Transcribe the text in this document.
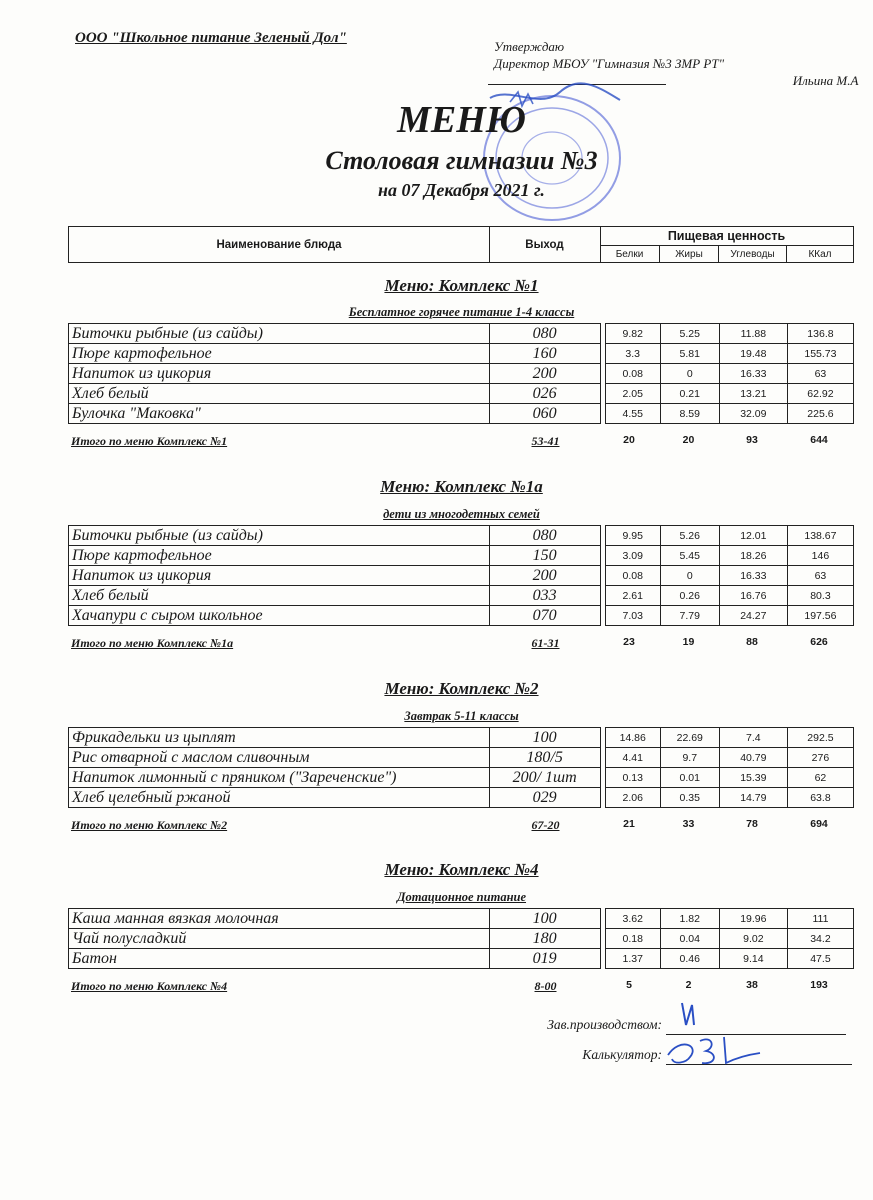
ООО "Школьное питание Зеленый Дол"
Утверждаю
Директор МБОУ "Гимназия №3 ЗМР РТ"
Ильина М.А
МЕНЮ
Столовая гимназии №3
на 07 Декабря 2021 г.
Наименование блюда	Выход
Пищевая ценность
Белки	Жиры	Углеводы	ККал
Меню: Комплекс №1
Бесплатное горячее питание 1-4 классы
Биточки рыбные (из сайды)	080		9.82	5.25	11.88	136.8
Пюре картофельное	160		3.3	5.81	19.48	155.73
Напиток из цикория	200		0.08	0	16.33	63
Хлеб белый	026		2.05	0.21	13.21	62.92
Булочка "Маковка"	060		4.55	8.59	32.09	225.6
Итого по меню Комплекс №1	53-41	20	20	93	644
Меню: Комплекс №1а
дети из многодетных семей
Биточки рыбные (из сайды)	080		9.95	5.26	12.01	138.67
Пюре картофельное	150		3.09	5.45	18.26	146
Напиток из цикория	200		0.08	0	16.33	63
Хлеб белый	033		2.61	0.26	16.76	80.3
Хачапури с сыром школьное	070		7.03	7.79	24.27	197.56
Итого по меню Комплекс №1а	61-31	23	19	88	626
Меню: Комплекс №2
Завтрак 5-11 классы
Фрикадельки из цыплят	100		14.86	22.69	7.4	292.5
Рис отварной с маслом сливочным	180/5		4.41	9.7	40.79	276
Напиток лимонный с пряником ("Зареченские")	200/ 1шт		0.13	0.01	15.39	62
Хлеб целебный ржаной	029		2.06	0.35	14.79	63.8
Итого по меню Комплекс №2	67-20	21	33	78	694
Меню: Комплекс №4
Дотационное питание
Каша манная вязкая молочная	100		3.62	1.82	19.96	111
Чай полусладкий	180		0.18	0.04	9.02	34.2
Батон	019		1.37	0.46	9.14	47.5
Итого по меню Комплекс №4	8-00	5	2	38	193
Зав.производством:
Калькулятор:
